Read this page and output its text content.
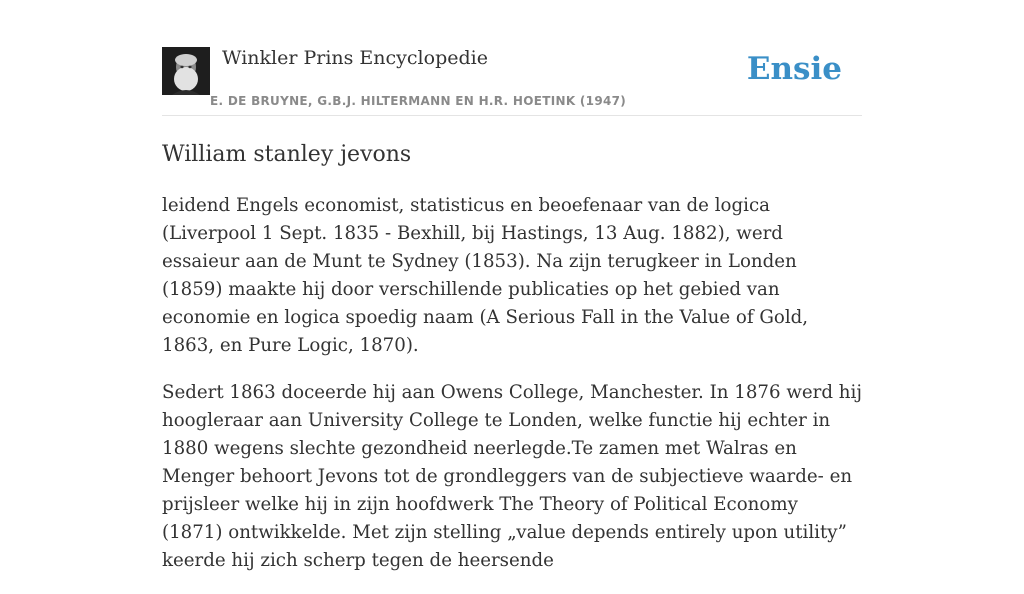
Winkler Prins Encyclopedie
E. DE BRUYNE, G.B.J. HILTERMANN EN H.R. HOETINK (1947)
Ensie
William stanley jevons

leidend Engels economist, statisticus en beoefenaar van de logica (Liverpool 1 Sept. 1835 - Bexhill, bij Hastings, 13 Aug. 1882), werd essaieur aan de Munt te Sydney (1853). Na zijn terugkeer in Londen (1859) maakte hij door verschillende publicaties op het gebied van economie en logica spoedig naam (A Serious Fall in the Value of Gold, 1863, en Pure Logic, 1870).

Sedert 1863 doceerde hij aan Owens College, Manchester. In 1876 werd hij hoogleraar aan University College te Londen, welke functie hij echter in 1880 wegens slechte gezondheid neerlegde.Te zamen met Walras en Menger behoort Jevons tot de grondleggers van de subjectieve waarde- en prijsleer welke hij in zijn hoofdwerk The Theory of Political Economy (1871) ontwikkelde. Met zijn stelling „value depends entirely upon utility” keerde hij zich scherp tegen de heersende
